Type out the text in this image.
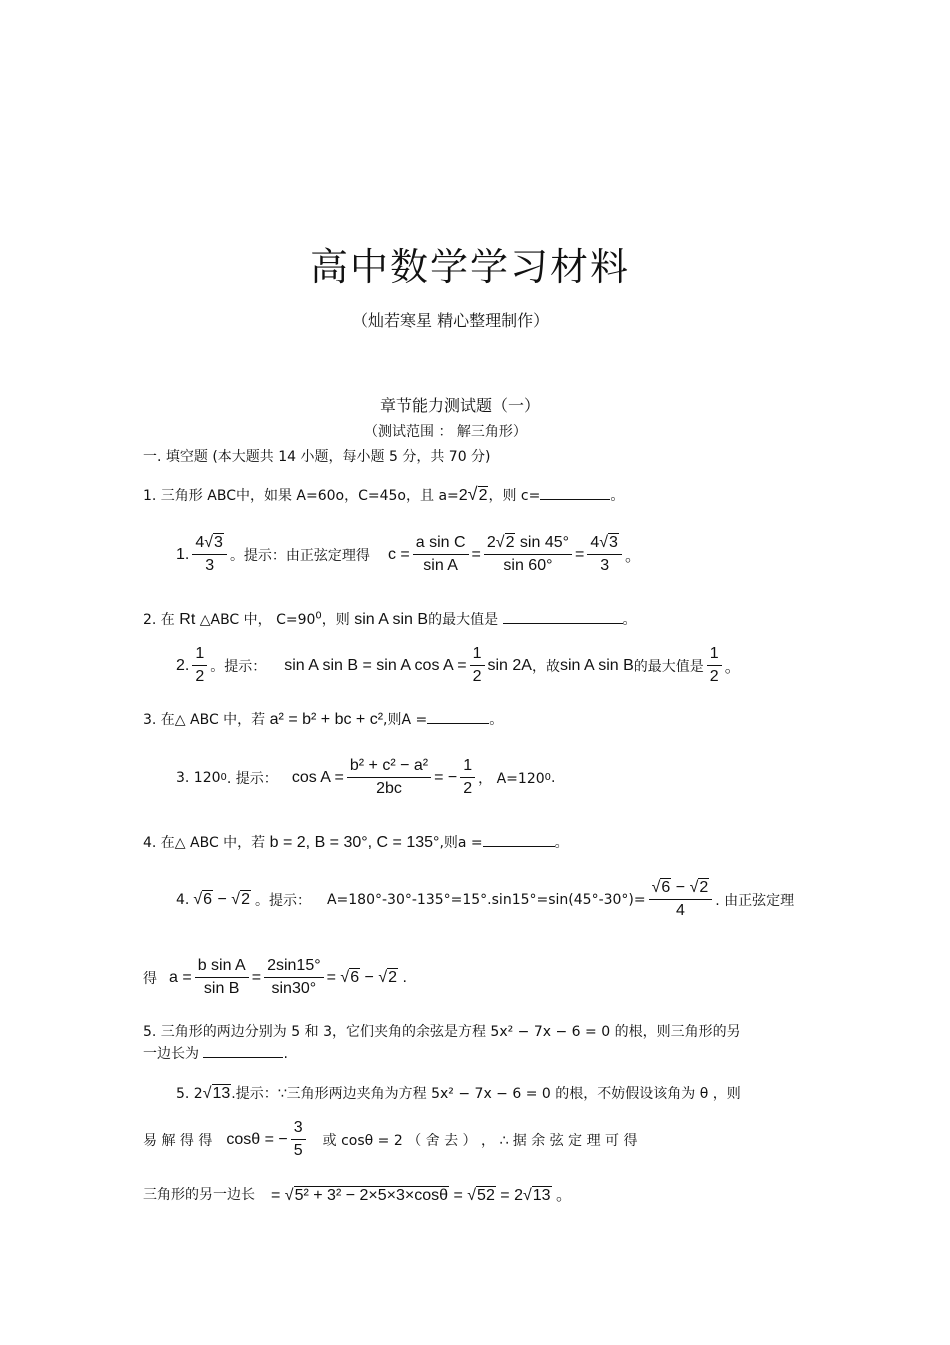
高中数学学习材料
（灿若寒星 精心整理制作）
章节能力测试题（一）
（测试范围 ： 解三角形）
一. 填空题 (本大题共 14 小题，每小题 5 分，共 70 分)
1. 三角形 ABC中，如果 A=60o，C=45o，且 a=2√2，则 c=	。
1. $\frac{4√3}{3}$ 。提示：由正弦定理得 $c = \frac{\text{a sin C}}{\text{sin A}} = \frac{2√2 \sin 45^\circ}{\sin 60^\circ} = \frac{4√3}{3}$ 。
2. 在 Rt △ABC 中， $C=90^0$，则 sin A sin B的最大值是	。
2. $\frac{1}{2}$ 。提示： sin A sin B = sin A $\cos A = \frac{1}{2}$ sin 2A ，故 sin A sin B 的最大值是 $\frac{1}{2}$ 。
3. 在△ ABC 中，若 a² = b² + bc + c²,则A =	。
3. 120 0 . 提示： $\cos A = \frac{\text{b² + c² − a²}}{2bc}$ = − $\frac{1}{2}$ ， A=120 0 .
4. 在△ ABC 中，若 b = 2, B = 30°, C = 135°,则a =	。
4. √6 − √2 。提示： $A=180^\circ-30^\circ-135^\circ=15^\circ.\sin 15^\circ=\sin(45^\circ-30^\circ)= \frac{√6 - √2}{4}$ . 由正弦定理
得 $a = \frac{\text{b sin A}}{\text{sin B}} = \frac{2\sin 15^\circ}{\sin 30^\circ} = √6 - √2$ .
5. 三角形的两边分别为 5 和 3，它们夹角的余弦是方程 5x² − 7x − 6 = 0 的根，则三角形的另
一边长为	.
5. 2√13.提示：∵三角形两边夹角为方程 5x² − 7x − 6 = 0 的根，不妨假设该角为 θ ，则
易 解 得 得 cosθ = − $\frac{3}{5}$ 或 cosθ = 2 （ 舍 去 ） ， ∴ 据 余 弦 定 理 可 得
三角形的另一边长 = √5² + 3² − 2×5×3×cosθ = √52 = 2√13 。
